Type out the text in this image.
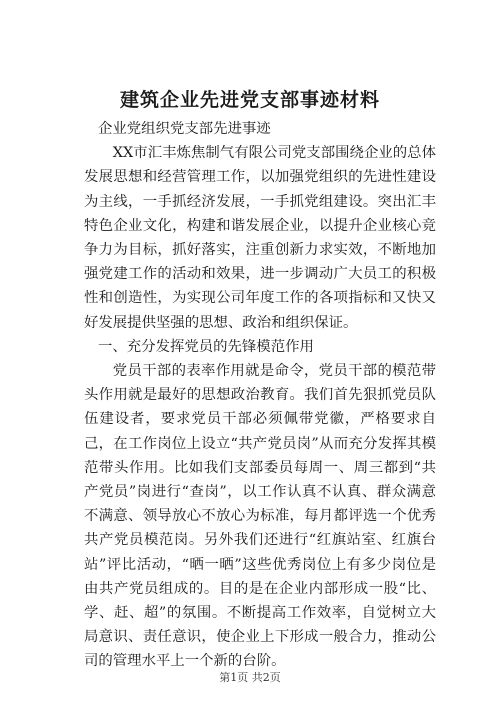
建筑企业先进党支部事迹材料

企业党组织党支部先进事迹

XX市汇丰炼焦制气有限公司党支部围绕企业的总体发展思想和经营管理工作，以加强党组织的先进性建设为主线，一手抓经济发展，一手抓党组建设。突出汇丰特色企业文化，构建和谐发展企业，以提升企业核心竞争力为目标，抓好落实，注重创新力求实效，不断地加强党建工作的活动和效果，进一步调动广大员工的积极性和创造性，为实现公司年度工作的各项指标和又快又好发展提供坚强的思想、政治和组织保证。

一、充分发挥党员的先锋模范作用

党员干部的表率作用就是命令，党员干部的模范带头作用就是最好的思想政治教育。我们首先狠抓党员队伍建设者，要求党员干部必须佩带党徽，严格要求自己，在工作岗位上设立“共产党员岗”从而充分发挥其模范带头作用。比如我们支部委员每周一、周三都到“共产党员”岗进行“查岗”，以工作认真不认真、群众满意不满意、领导放心不放心为标准，每月都评选一个优秀共产党员模范岗。另外我们还进行“红旗站室、红旗台站”评比活动，“晒一晒”这些优秀岗位上有多少岗位是由共产党员组成的。目的是在企业内部形成一股“比、学、赶、超”的氛围。不断提高工作效率，自觉树立大局意识、责任意识，使企业上下形成一般合力，推动公司的管理水平上一个新的台阶。

第1页 共2页
